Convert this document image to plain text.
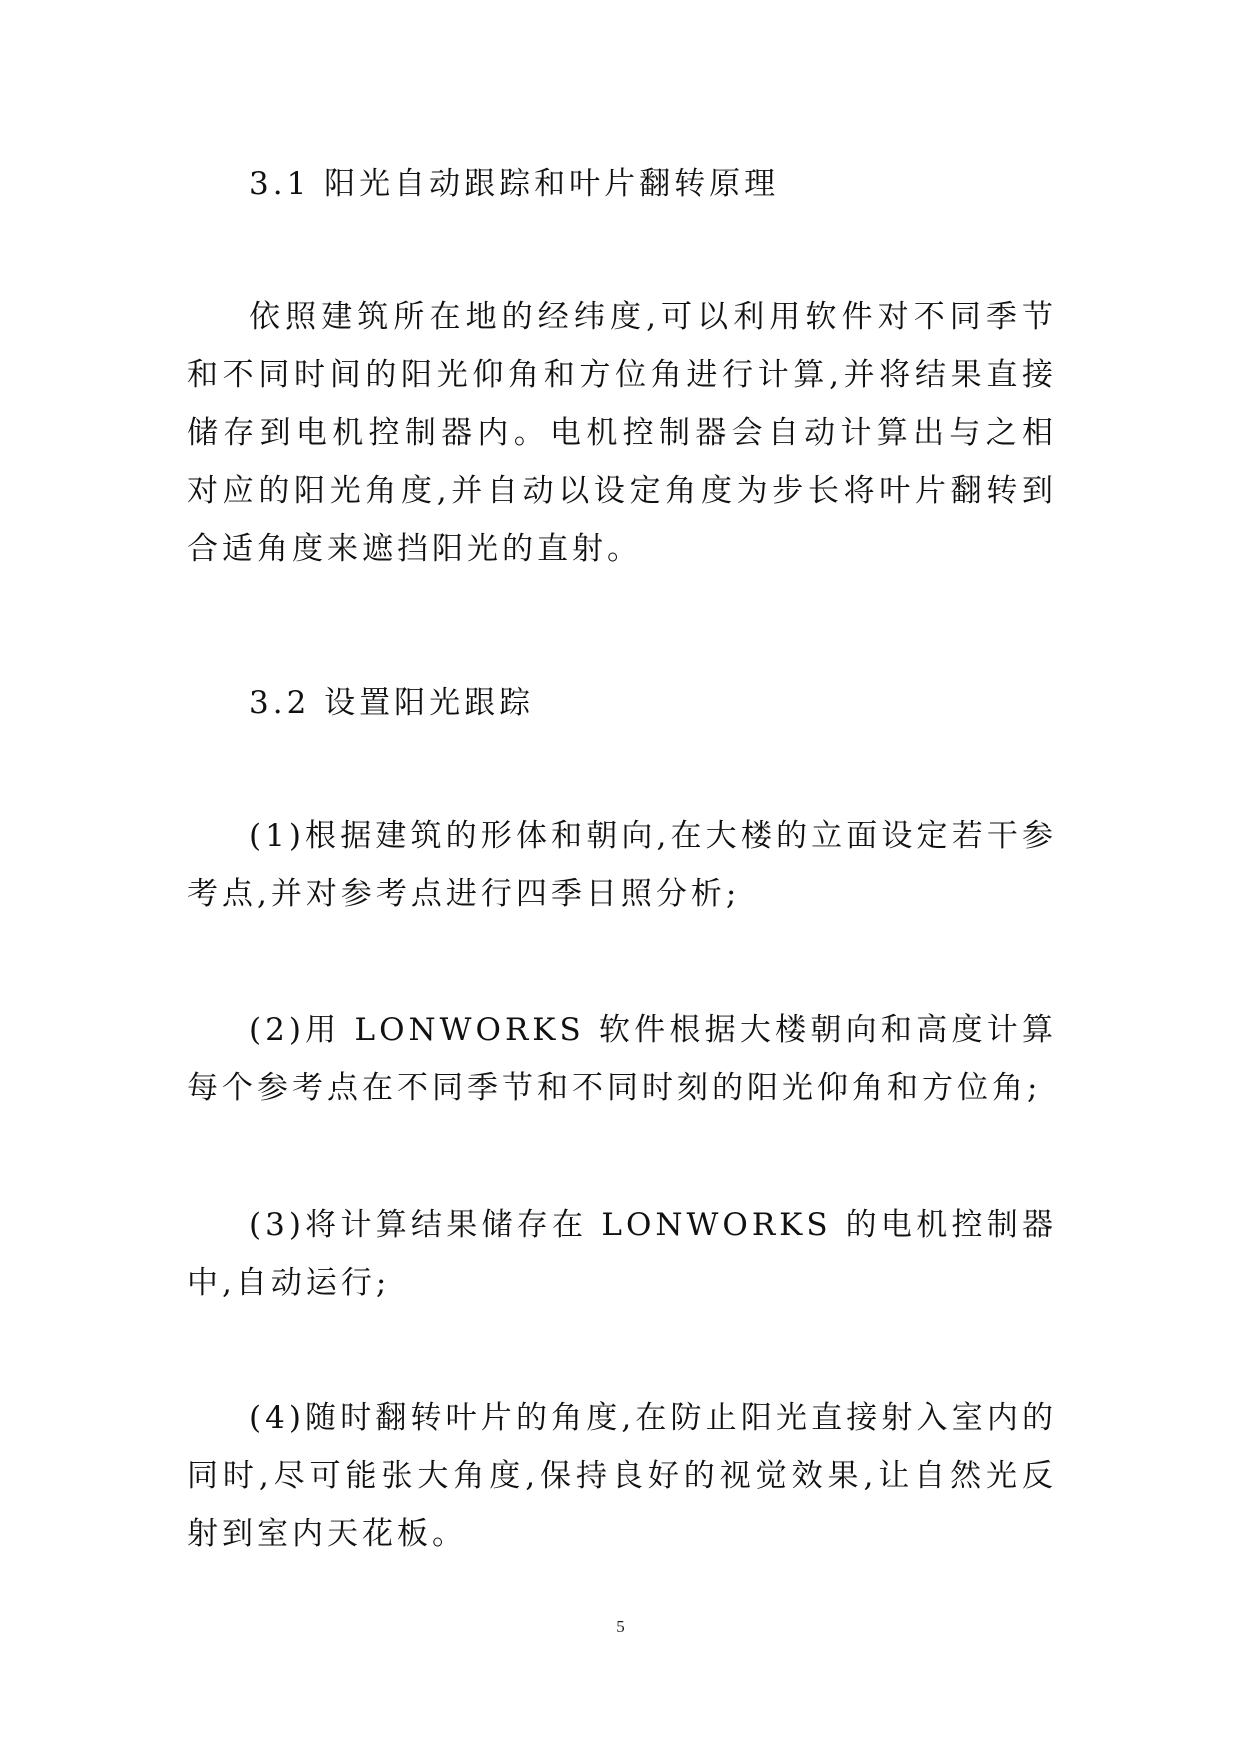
3.1 阳光自动跟踪和叶片翻转原理

依照建筑所在地的经纬度,可以利用软件对不同季节和不同时间的阳光仰角和方位角进行计算,并将结果直接储存到电机控制器内。电机控制器会自动计算出与之相对应的阳光角度,并自动以设定角度为步长将叶片翻转到合适角度来遮挡阳光的直射。

3.2 设置阳光跟踪

(1)根据建筑的形体和朝向,在大楼的立面设定若干参考点,并对参考点进行四季日照分析;

(2)用 LONWORKS 软件根据大楼朝向和高度计算每个参考点在不同季节和不同时刻的阳光仰角和方位角;

(3)将计算结果储存在 LONWORKS 的电机控制器中,自动运行;

(4)随时翻转叶片的角度,在防止阳光直接射入室内的同时,尽可能张大角度,保持良好的视觉效果,让自然光反射到室内天花板。

5
